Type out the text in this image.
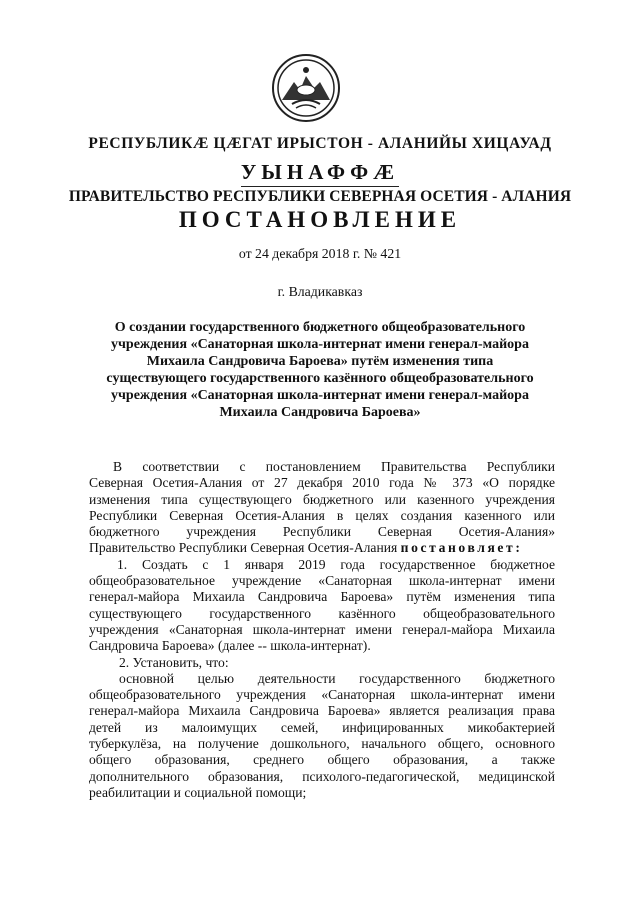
РЕСПУБЛИКӔ ЦӔГАТ ИРЫСТОН - АЛАНИЙЫ ХИЦАУАД
УЫНАФФӔ
ПРАВИТЕЛЬСТВО РЕСПУБЛИКИ СЕВЕРНАЯ ОСЕТИЯ - АЛАНИЯ
ПОСТАНОВЛЕНИЕ
от 24 декабря 2018 г. № 421
г. Владикавказ
О создании государственного бюджетного общеобразовательного
учреждения «Санаторная школа-интернат имени генерал-майора
Михаила Сандровича Бароева» путём изменения типа
существующего государственного казённого общеобразовательного
учреждения «Санаторная школа-интернат имени генерал-майора
Михаила Сандровича Бароева»
В соответствии с постановлением Правительства Республики
Северная Осетия-Алания от 27 декабря 2010 года № 373 «О порядке
изменения типа существующего бюджетного или казенного учреждения
Республики Северная Осетия-Алания в целях создания казенного или
бюджетного учреждения Республики Северная Осетия-Алания»
Правительство Республики Северная Осетия-Алания постановляет:
1. Создать с 1 января 2019 года государственное бюджетное
общеобразовательное учреждение «Санаторная школа-интернат имени
генерал-майора Михаила Сандровича Бароева» путём изменения типа
существующего государственного казённого общеобразовательного
учреждения «Санаторная школа-интернат имени генерал-майора Михаила
Сандровича Бароева» (далее -- школа-интернат).
2. Установить, что:
основной целью деятельности государственного бюджетного
общеобразовательного учреждения «Санаторная школа-интернат имени
генерал-майора Михаила Сандровича Бароева» является реализация права
детей из малоимущих семей, инфицированных микобактерией
туберкулёза, на получение дошкольного, начального общего, основного
общего образования, среднего общего образования, а также
дополнительного образования, психолого-педагогической, медицинской
реабилитации и социальной помощи;
